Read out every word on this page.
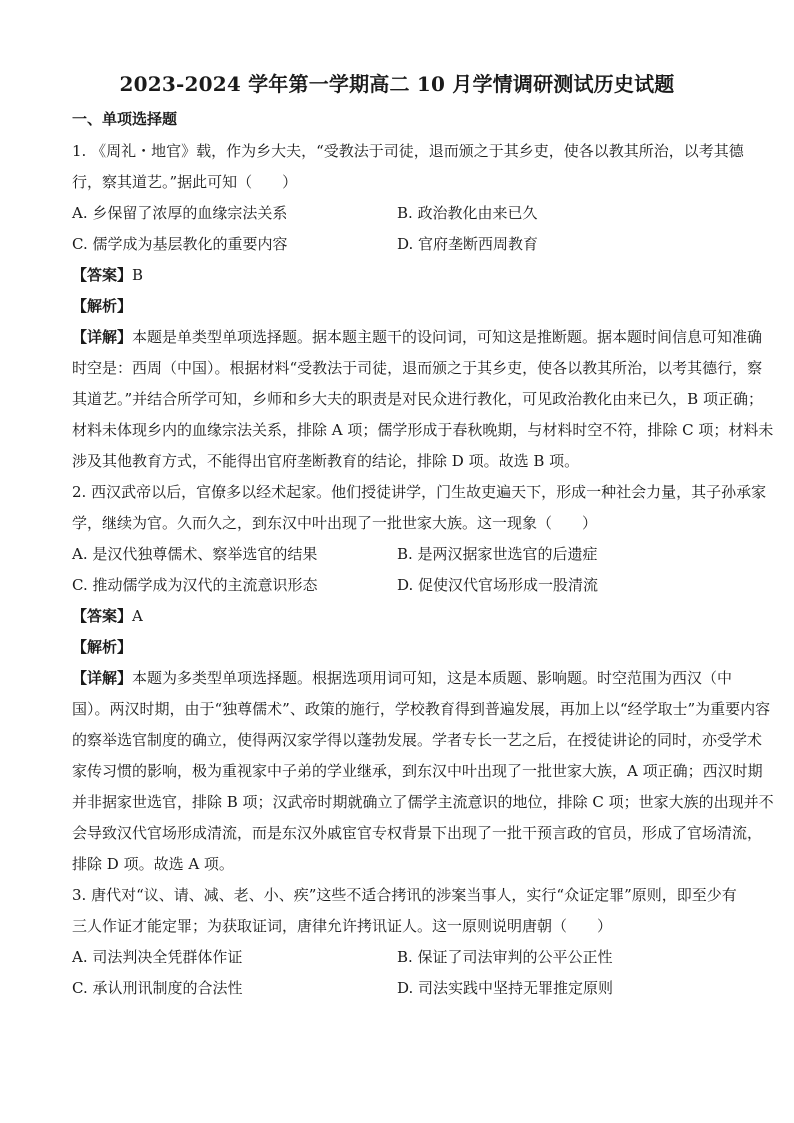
2023-2024 学年第一学期高二 10 月学情调研测试历史试题
一、单项选择题
1. 《周礼・地官》载，作为乡大夫，“受教法于司徒，退而颁之于其乡吏，使各以教其所治，以考其德
行，察其道艺。”据此可知（　　）
A. 乡保留了浓厚的血缘宗法关系	B. 政治教化由来已久
C. 儒学成为基层教化的重要内容	D. 官府垄断西周教育
【答案】B
【解析】
【详解】本题是单类型单项选择题。据本题主题干的设问词，可知这是推断题。据本题时间信息可知准确
时空是：西周（中国）。根据材料“受教法于司徒，退而颁之于其乡吏，使各以教其所治，以考其德行，察
其道艺。”并结合所学可知，乡师和乡大夫的职责是对民众进行教化，可见政治教化由来已久，B 项正确；
材料未体现乡内的血缘宗法关系，排除 A 项；儒学形成于春秋晚期，与材料时空不符，排除 C 项；材料未
涉及其他教育方式，不能得出官府垄断教育的结论，排除 D 项。故选 B 项。
2. 西汉武帝以后，官僚多以经术起家。他们授徒讲学，门生故吏遍天下，形成一种社会力量，其子孙承家
学，继续为官。久而久之，到东汉中叶出现了一批世家大族。这一现象（　　）
A. 是汉代独尊儒术、察举选官的结果	B. 是两汉据家世选官的后遗症
C. 推动儒学成为汉代的主流意识形态	D. 促使汉代官场形成一股清流
【答案】A
【解析】
【详解】本题为多类型单项选择题。根据选项用词可知，这是本质题、影响题。时空范围为西汉（中
国）。两汉时期，由于“独尊儒术”、政策的施行，学校教育得到普遍发展，再加上以“经学取士”为重要内容
的察举选官制度的确立，使得两汉家学得以蓬勃发展。学者专长一艺之后，在授徒讲论的同时，亦受学术
家传习惯的影响，极为重视家中子弟的学业继承，到东汉中叶出现了一批世家大族，A 项正确；西汉时期
并非据家世选官，排除 B 项；汉武帝时期就确立了儒学主流意识的地位，排除 C 项；世家大族的出现并不
会导致汉代官场形成清流，而是东汉外戚宦官专权背景下出现了一批干预言政的官员，形成了官场清流，
排除 D 项。故选 A 项。
3. 唐代对“议、请、减、老、小、疾”这些不适合拷讯的涉案当事人，实行“众证定罪”原则，即至少有
三人作证才能定罪；为获取证词，唐律允许拷讯证人。这一原则说明唐朝（　　）
A. 司法判决全凭群体作证	B. 保证了司法审判的公平公正性
C. 承认刑讯制度的合法性	D. 司法实践中坚持无罪推定原则
